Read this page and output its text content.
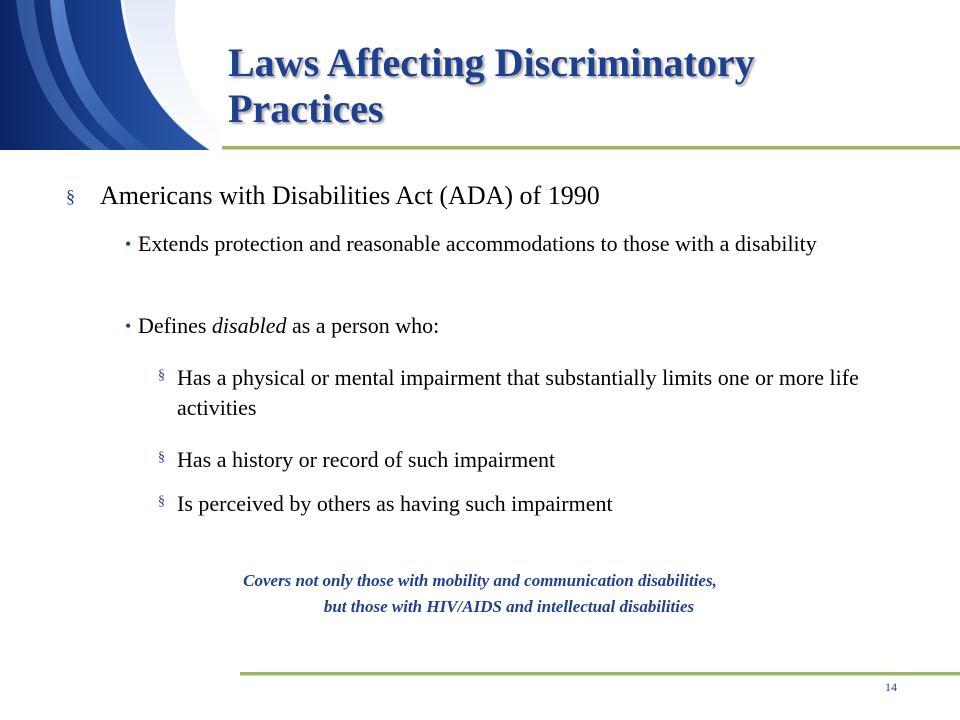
Laws Affecting Discriminatory
Practices
§ Americans with Disabilities Act (ADA) of 1990
• Extends protection and reasonable accommodations to those with a disability
• Defines disabled as a person who:
§ Has a physical or mental impairment that substantially limits one or more life activities
§ Has a history or record of such impairment
§ Is perceived by others as having such impairment
Covers not only those with mobility and communication disabilities,
but those with HIV/AIDS and intellectual disabilities
14
